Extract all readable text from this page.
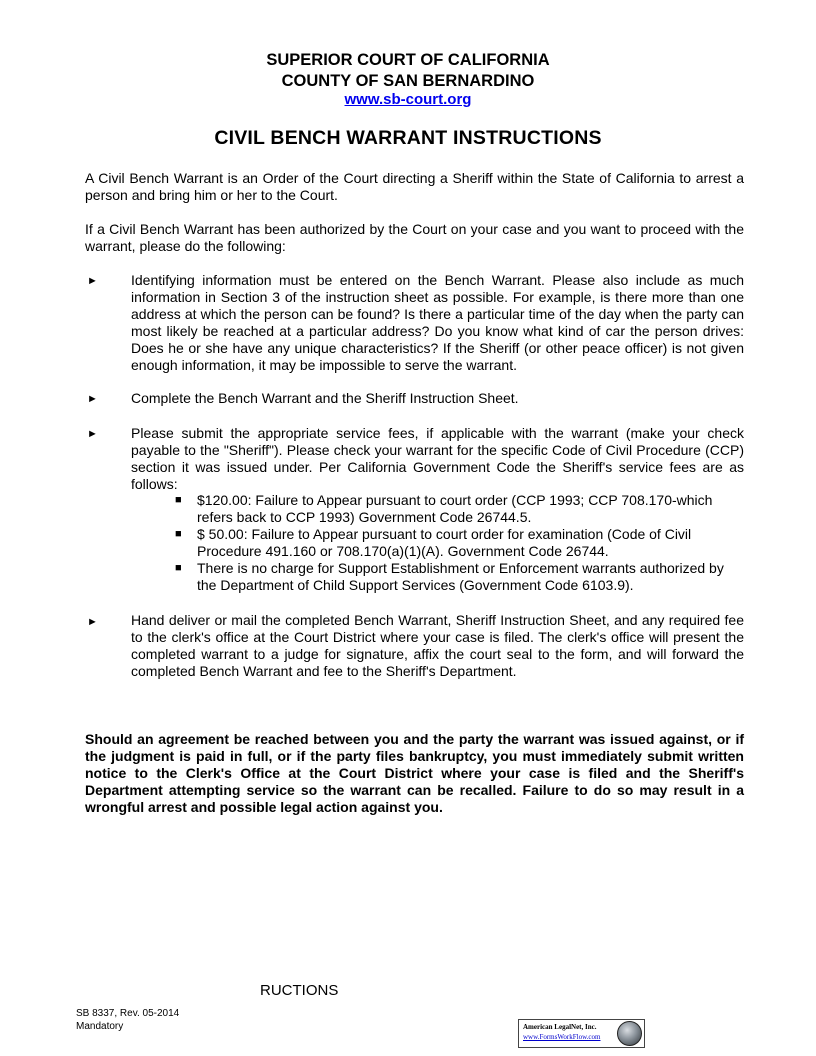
SUPERIOR COURT OF CALIFORNIA
COUNTY OF SAN BERNARDINO
www.sb-court.org
CIVIL BENCH WARRANT INSTRUCTIONS
A Civil Bench Warrant is an Order of the Court directing a Sheriff within the State of California to arrest a person and bring him or her to the Court.
If a Civil Bench Warrant has been authorized by the Court on your case and you want to proceed with the warrant, please do the following:
► Identifying information must be entered on the Bench Warrant. Please also include as much information in Section 3 of the instruction sheet as possible. For example, is there more than one address at which the person can be found? Is there a particular time of the day when the party can most likely be reached at a particular address? Do you know what kind of car the person drives: Does he or she have any unique characteristics? If the Sheriff (or other peace officer) is not given enough information, it may be impossible to serve the warrant.
► Complete the Bench Warrant and the Sheriff Instruction Sheet.
► Please submit the appropriate service fees, if applicable with the warrant (make your check payable to the "Sheriff"). Please check your warrant for the specific Code of Civil Procedure (CCP) section it was issued under. Per California Government Code the Sheriff's service fees are as follows:
■ $120.00: Failure to Appear pursuant to court order (CCP 1993; CCP 708.170-which refers back to CCP 1993) Government Code 26744.5.
■ $ 50.00: Failure to Appear pursuant to court order for examination (Code of Civil Procedure 491.160 or 708.170(a)(1)(A). Government Code 26744.
■ There is no charge for Support Establishment or Enforcement warrants authorized by the Department of Child Support Services (Government Code 6103.9).
► Hand deliver or mail the completed Bench Warrant, Sheriff Instruction Sheet, and any required fee to the clerk's office at the Court District where your case is filed. The clerk's office will present the completed warrant to a judge for signature, affix the court seal to the form, and will forward the completed Bench Warrant and fee to the Sheriff's Department.
Should an agreement be reached between you and the party the warrant was issued against, or if the judgment is paid in full, or if the party files bankruptcy, you must immediately submit written notice to the Clerk's Office at the Court District where your case is filed and the Sheriff's Department attempting service so the warrant can be recalled. Failure to do so may result in a wrongful arrest and possible legal action against you.
RUCTIONS
SB 8337, Rev. 05-2014
Mandatory	American LegalNet, Inc.
www.FormsWorkFlow.com
